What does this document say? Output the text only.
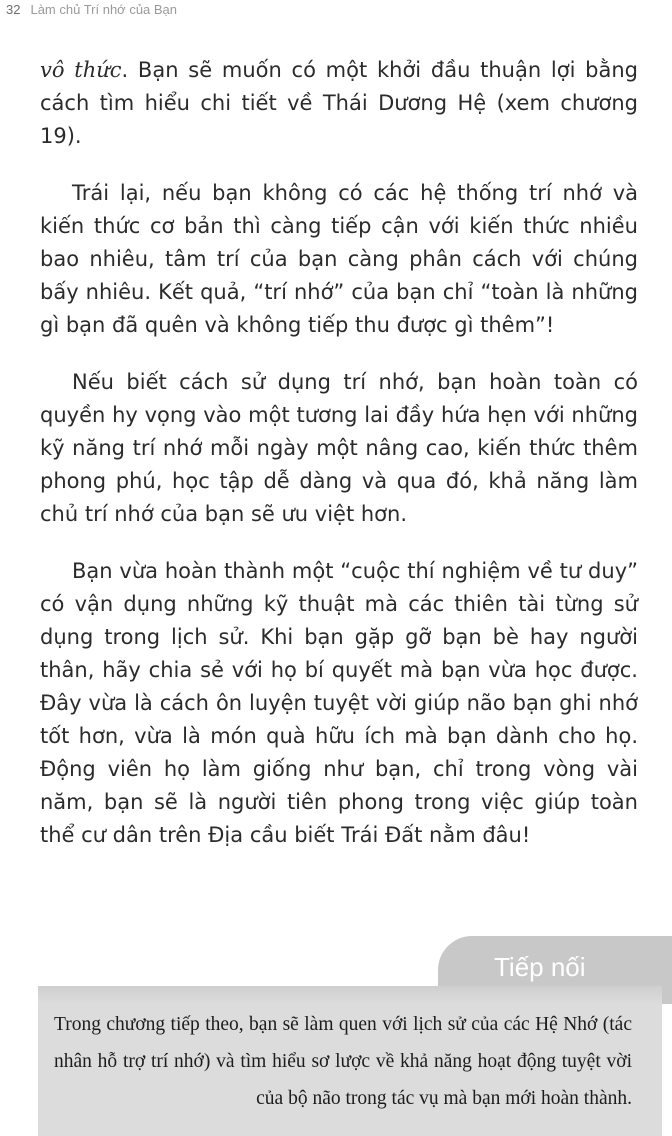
32 Làm chủ Trí nhớ của Bạn

vô thức. Bạn sẽ muốn có một khởi đầu thuận lợi bằng cách tìm hiểu chi tiết về Thái Dương Hệ (xem chương 19).

Trái lại, nếu bạn không có các hệ thống trí nhớ và kiến thức cơ bản thì càng tiếp cận với kiến thức nhiều bao nhiêu, tâm trí của bạn càng phân cách với chúng bấy nhiêu. Kết quả, “trí nhớ” của bạn chỉ “toàn là những gì bạn đã quên và không tiếp thu được gì thêm”!

Nếu biết cách sử dụng trí nhớ, bạn hoàn toàn có quyền hy vọng vào một tương lai đầy hứa hẹn với những kỹ năng trí nhớ mỗi ngày một nâng cao, kiến thức thêm phong phú, học tập dễ dàng và qua đó, khả năng làm chủ trí nhớ của bạn sẽ ưu việt hơn.

Bạn vừa hoàn thành một “cuộc thí nghiệm về tư duy” có vận dụng những kỹ thuật mà các thiên tài từng sử dụng trong lịch sử. Khi bạn gặp gỡ bạn bè hay người thân, hãy chia sẻ với họ bí quyết mà bạn vừa học được. Đây vừa là cách ôn luyện tuyệt vời giúp não bạn ghi nhớ tốt hơn, vừa là món quà hữu ích mà bạn dành cho họ. Động viên họ làm giống như bạn, chỉ trong vòng vài năm, bạn sẽ là người tiên phong trong việc giúp toàn thể cư dân trên Địa cầu biết Trái Đất nằm đâu!

Tiếp nối

Trong chương tiếp theo, bạn sẽ làm quen với lịch sử của các Hệ Nhớ (tác nhân hỗ trợ trí nhớ) và tìm hiểu sơ lược về khả năng hoạt động tuyệt vời của bộ não trong tác vụ mà bạn mới hoàn thành.
